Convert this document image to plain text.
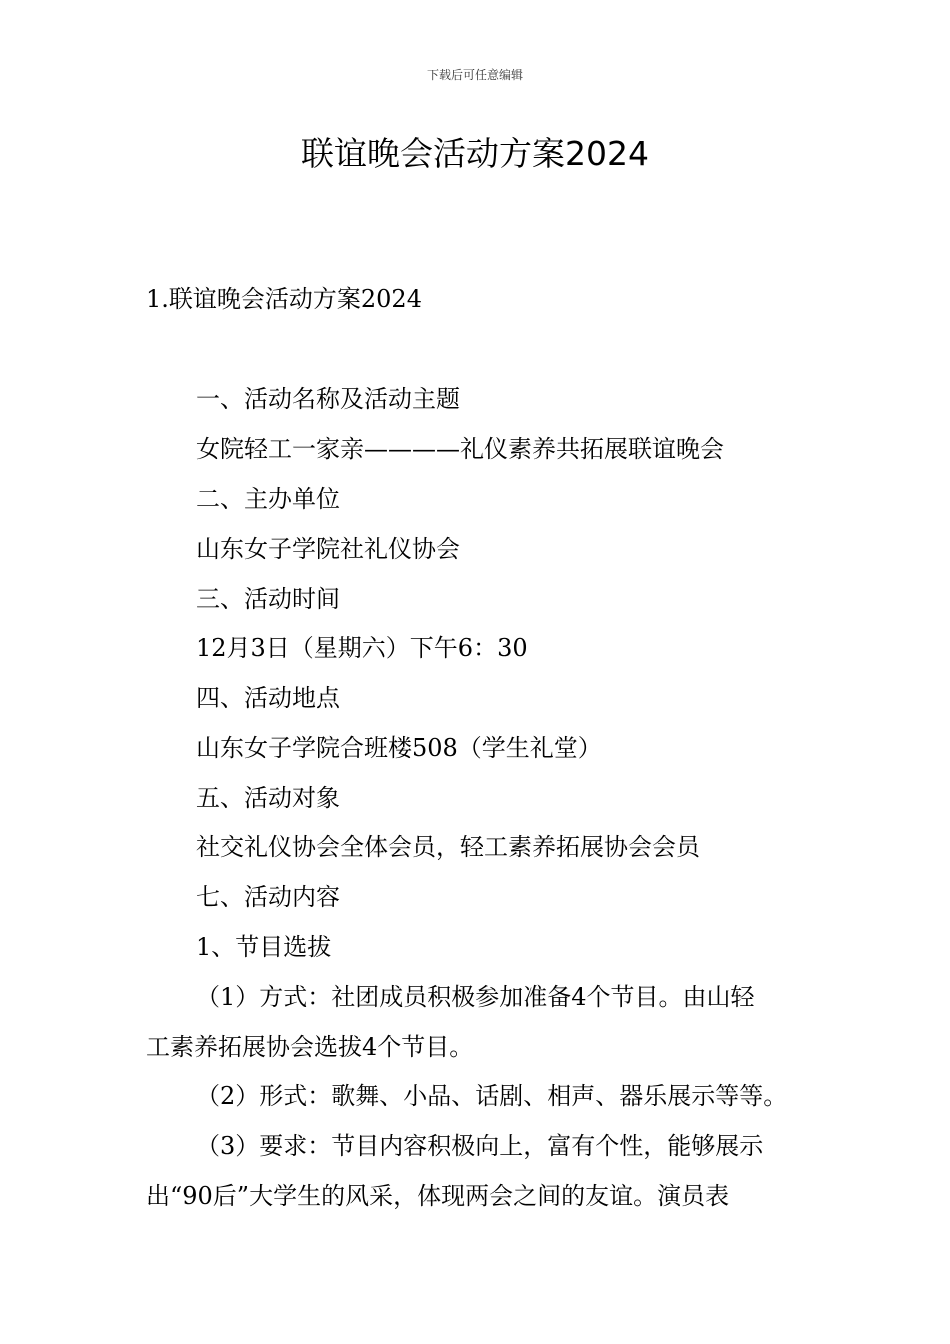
下载后可任意编辑
联谊晚会活动方案2024
1.联谊晚会活动方案2024
一、活动名称及活动主题
女院轻工一家亲————礼仪素养共拓展联谊晚会
二、主办单位
山东女子学院社礼仪协会
三、活动时间
12月3日（星期六）下午6：30
四、活动地点
山东女子学院合班楼508（学生礼堂）
五、活动对象
社交礼仪协会全体会员，轻工素养拓展协会会员
七、活动内容
1、节目选拔
（1）方式：社团成员积极参加准备4个节目。由山轻
工素养拓展协会选拔4个节目。
（2）形式：歌舞、小品、话剧、相声、器乐展示等等。
（3）要求：节目内容积极向上，富有个性，能够展示
出“90后”大学生的风采，体现两会之间的友谊。演员表
